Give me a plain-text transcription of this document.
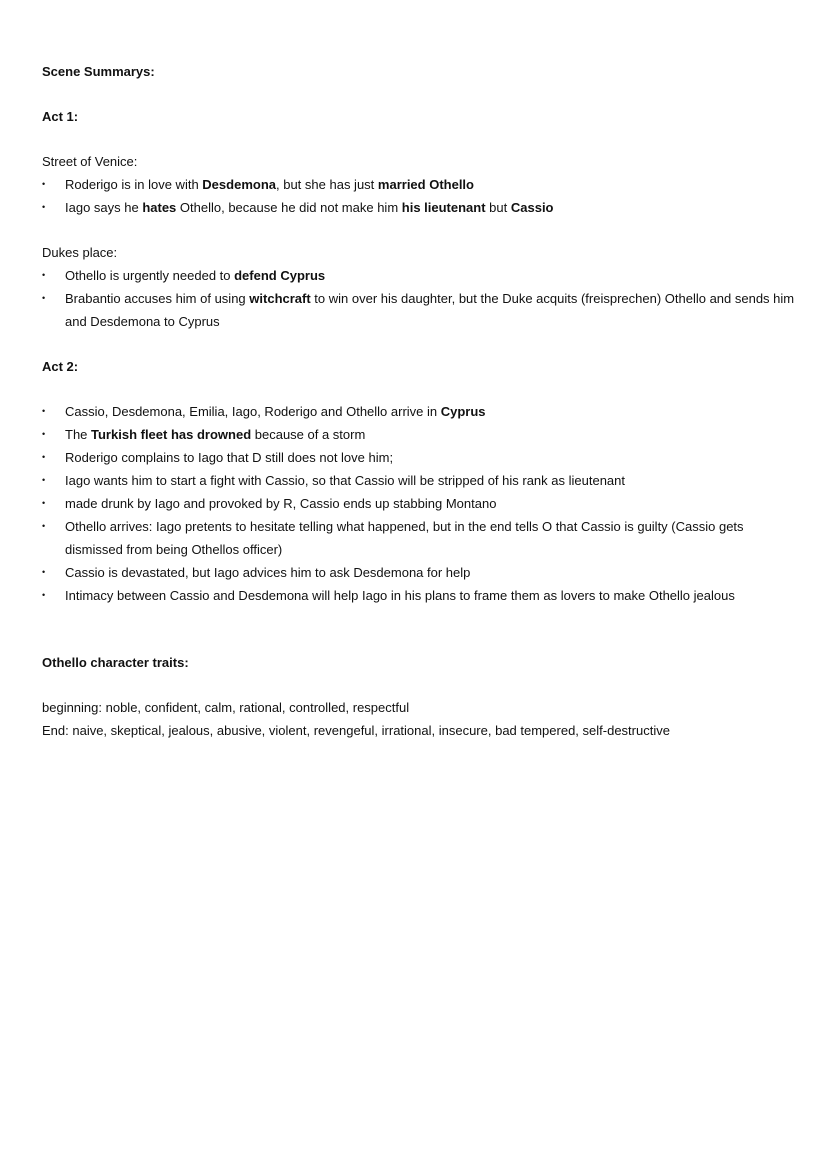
Scene Summarys:
Act 1:
Street of Venice:
• Roderigo is in love with Desdemona, but she has just married Othello
• Iago says he hates Othello, because he did not make him his lieutenant but Cassio
Dukes place:
• Othello is urgently needed to defend Cyprus
• Brabantio accuses him of using witchcraft to win over his daughter, but the Duke acquits (freisprechen) Othello and sends him and Desdemona to Cyprus
Act 2:
• Cassio, Desdemona, Emilia, Iago, Roderigo and Othello arrive in Cyprus
• The Turkish fleet has drowned because of a storm
• Roderigo complains to Iago that D still does not love him;
• Iago wants him to start a fight with Cassio, so that Cassio will be stripped of his rank as lieutenant
• made drunk by Iago and provoked by R, Cassio ends up stabbing Montano
• Othello arrives: Iago pretents to hesitate telling what happened, but in the end tells O that Cassio is guilty (Cassio gets dismissed from being Othellos officer)
• Cassio is devastated, but Iago advices him to ask Desdemona for help
• Intimacy between Cassio and Desdemona will help Iago in his plans to frame them as lovers to make Othello jealous
Othello character traits:
beginning: noble, confident, calm, rational, controlled, respectful
End: naive, skeptical, jealous, abusive, violent, revengeful, irrational, insecure, bad tempered, self-destructive
